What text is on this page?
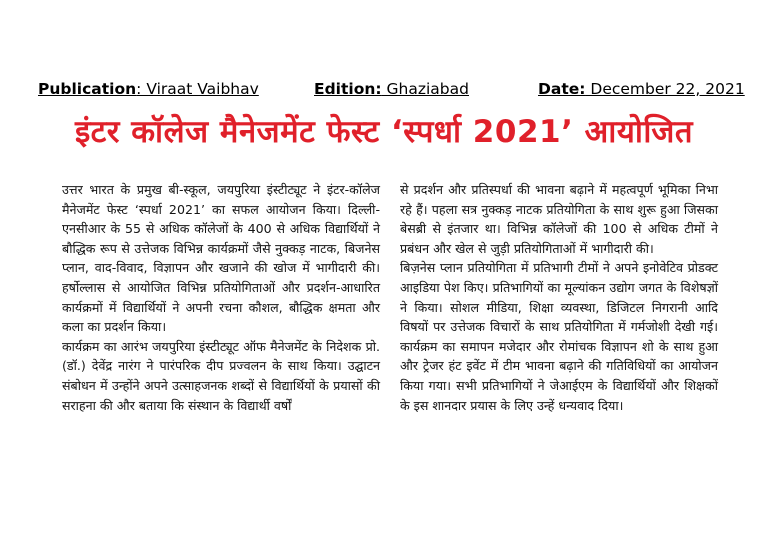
Publication: Viraat Vaibhav	Edition: Ghaziabad	Date: December 22, 2021
इंटर कॉलेज मैनेजमेंट फेस्ट ‘स्पर्धा 2021’ आयोजित

उत्तर भारत के प्रमुख बी-स्कूल, जयपुरिया इंस्टीट्यूट ने इंटर-कॉलेज मैनेजमेंट फेस्ट ‘स्पर्धा 2021’ का सफल आयोजन किया। दिल्ली-एनसीआर के 55 से अधिक कॉलेजों के 400 से अधिक विद्यार्थियों ने बौद्धिक रूप से उत्तेजक विभिन्न कार्यक्रमों जैसे नुक्कड़ नाटक, बिजनेस प्लान, वाद-विवाद, विज्ञापन और खजाने की खोज में भागीदारी की। हर्षोल्लास से आयोजित विभिन्न प्रतियोगिताओं और प्रदर्शन-आधारित कार्यक्रमों में विद्यार्थियों ने अपनी रचना कौशल, बौद्धिक क्षमता और कला का प्रदर्शन किया।

कार्यक्रम का आरंभ जयपुरिया इंस्टीट्यूट ऑफ मैनेजमेंट के निदेशक प्रो. (डॉ.) देवेंद्र नारंग ने पारंपरिक दीप प्रज्वलन के साथ किया। उद्घाटन संबोधन में उन्होंने अपने उत्साहजनक शब्दों से विद्यार्थियों के प्रयासों की सराहना की और बताया कि संस्थान के विद्यार्थी वर्षों

से प्रदर्शन और प्रतिस्पर्धा की भावना बढ़ाने में महत्वपूर्ण भूमिका निभा रहे हैं। पहला सत्र नुक्कड़ नाटक प्रतियोगिता के साथ शुरू हुआ जिसका बेसब्री से इंतजार था। विभिन्न कॉलेजों की 100 से अधिक टीमों ने प्रबंधन और खेल से जुड़ी प्रतियोगिताओं में भागीदारी की।

बिज़नेस प्लान प्रतियोगिता में प्रतिभागी टीमों ने अपने इनोवेटिव प्रोडक्ट आइडिया पेश किए। प्रतिभागियों का मूल्यांकन उद्योग जगत के विशेषज्ञों ने किया। सोशल मीडिया, शिक्षा व्यवस्था, डिजिटल निगरानी आदि विषयों पर उत्तेजक विचारों के साथ प्रतियोगिता में गर्मजोशी देखी गई। कार्यक्रम का समापन मजेदार और रोमांचक विज्ञापन शो के साथ हुआ और ट्रेजर हंट इवेंट में टीम भावना बढ़ाने की गतिविधियों का आयोजन किया गया। सभी प्रतिभागियों ने जेआईएम के विद्यार्थियों और शिक्षकों के इस शानदार प्रयास के लिए उन्हें धन्यवाद दिया।
